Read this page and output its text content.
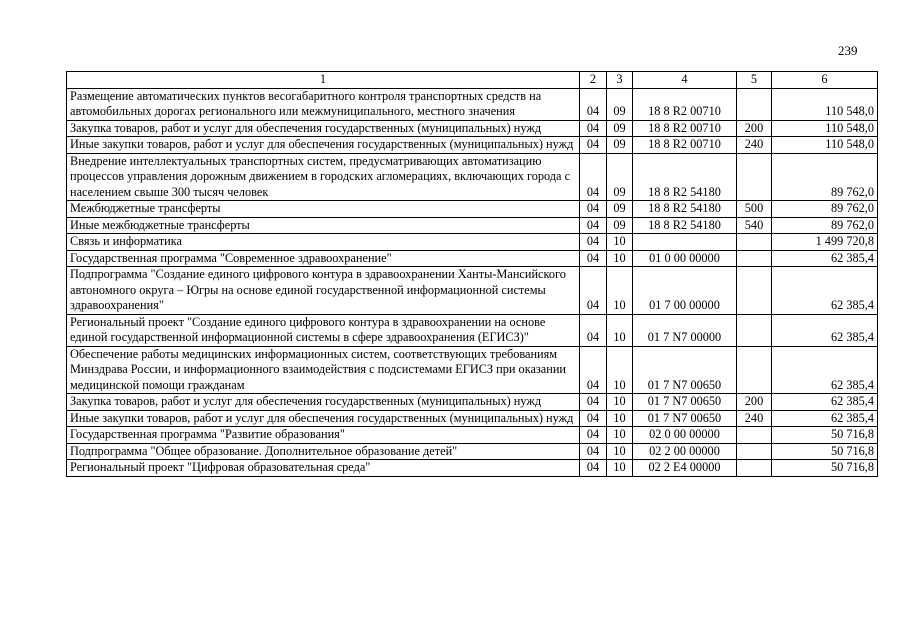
239
1	2	3	4	5	6
Размещение автоматических пунктов весогабаритного контроля транспортных средств на автомобильных дорогах регионального или межмуниципального, местного значения	04	09	18 8 R2 00710		110 548,0
Закупка товаров, работ и услуг для обеспечения государственных (муниципальных) нужд	04	09	18 8 R2 00710	200	110 548,0
Иные закупки товаров, работ и услуг для обеспечения государственных (муниципальных) нужд	04	09	18 8 R2 00710	240	110 548,0
Внедрение интеллектуальных транспортных систем, предусматривающих автоматизацию процессов управления дорожным движением в городских агломерациях, включающих города с населением свыше 300 тысяч человек	04	09	18 8 R2 54180		89 762,0
Межбюджетные трансферты	04	09	18 8 R2 54180	500	89 762,0
Иные межбюджетные трансферты	04	09	18 8 R2 54180	540	89 762,0
Связь и информатика	04	10			1 499 720,8
Государственная программа "Современное здравоохранение"	04	10	01 0 00 00000		62 385,4
Подпрограмма "Создание единого цифрового контура в здравоохранении Ханты-Мансийского автономного округа – Югры на основе единой государственной информационной системы здравоохранения"	04	10	01 7 00 00000		62 385,4
Региональный проект "Создание единого цифрового контура в здравоохранении на основе единой государственной информационной системы в сфере здравоохранения (ЕГИСЗ)"	04	10	01 7 N7 00000		62 385,4
Обеспечение работы медицинских информационных систем, соответствующих требованиям Минздрава России, и информационного взаимодействия с подсистемами ЕГИСЗ при оказании медицинской помощи гражданам	04	10	01 7 N7 00650		62 385,4
Закупка товаров, работ и услуг для обеспечения государственных (муниципальных) нужд	04	10	01 7 N7 00650	200	62 385,4
Иные закупки товаров, работ и услуг для обеспечения государственных (муниципальных) нужд	04	10	01 7 N7 00650	240	62 385,4
Государственная программа "Развитие образования"	04	10	02 0 00 00000		50 716,8
Подпрограмма "Общее образование. Дополнительное образование детей"	04	10	02 2 00 00000		50 716,8
Региональный проект "Цифровая образовательная среда"	04	10	02 2 E4 00000		50 716,8
